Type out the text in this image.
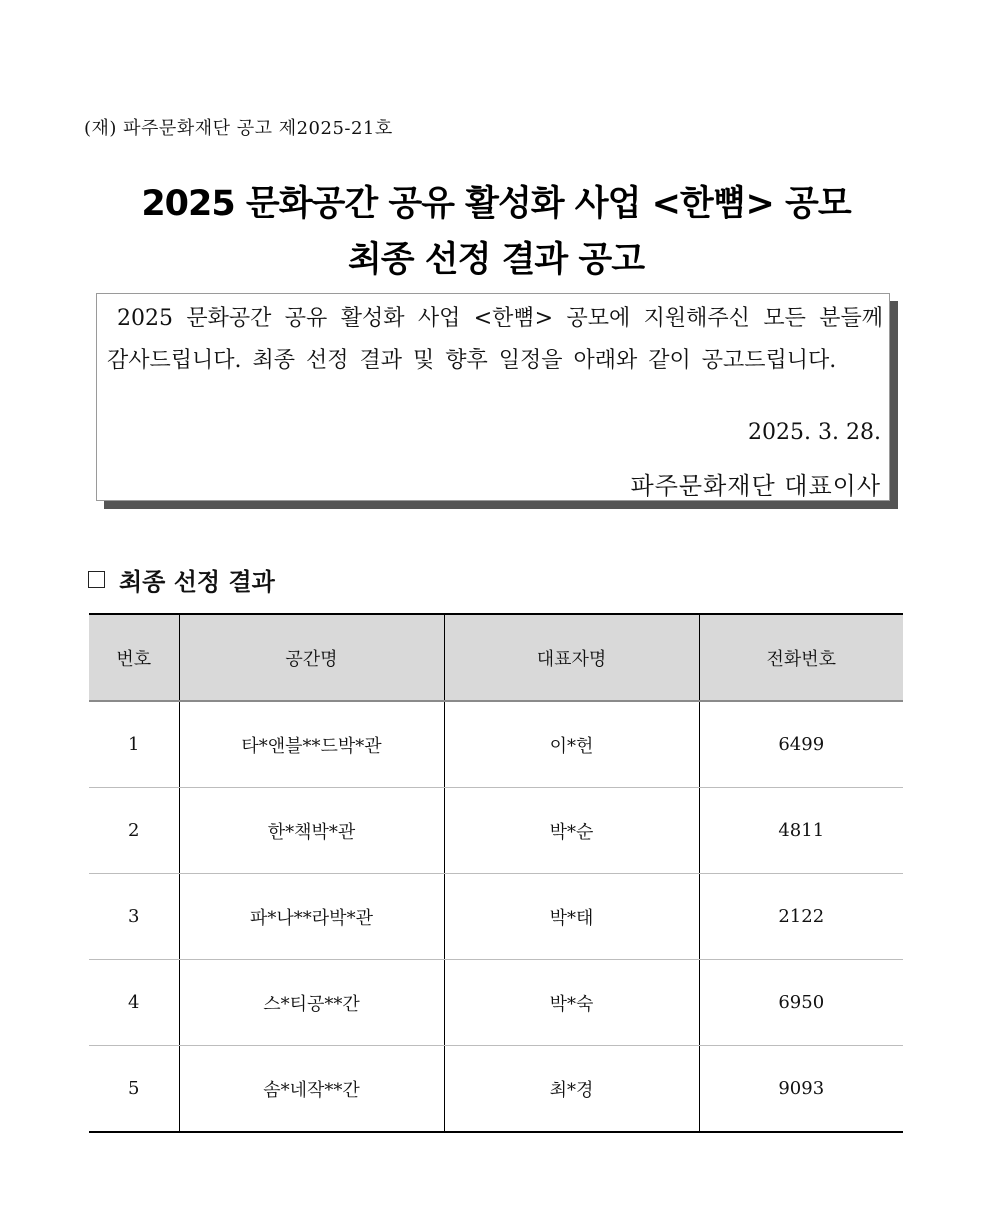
(재) 파주문화재단 공고 제2025-21호
2025 문화공간 공유 활성화 사업 <한뼘> 공모
최종 선정 결과 공고
2025 문화공간 공유 활성화 사업 <한뼘> 공모에 지원해주신 모든 분들께 감사드립니다. 최종 선정 결과 및 향후 일정을 아래와 같이 공고드립니다.
2025. 3. 28.
파주문화재단 대표이사
최종 선정 결과
번호	공간명	대표자명	전화번호
1	타*앤블**드박*관	이*헌	6499
2	한*책박*관	박*순	4811
3	파*나**라박*관	박*태	2122
4	스*티공**간	박*숙	6950
5	솜*네작**간	최*경	9093
